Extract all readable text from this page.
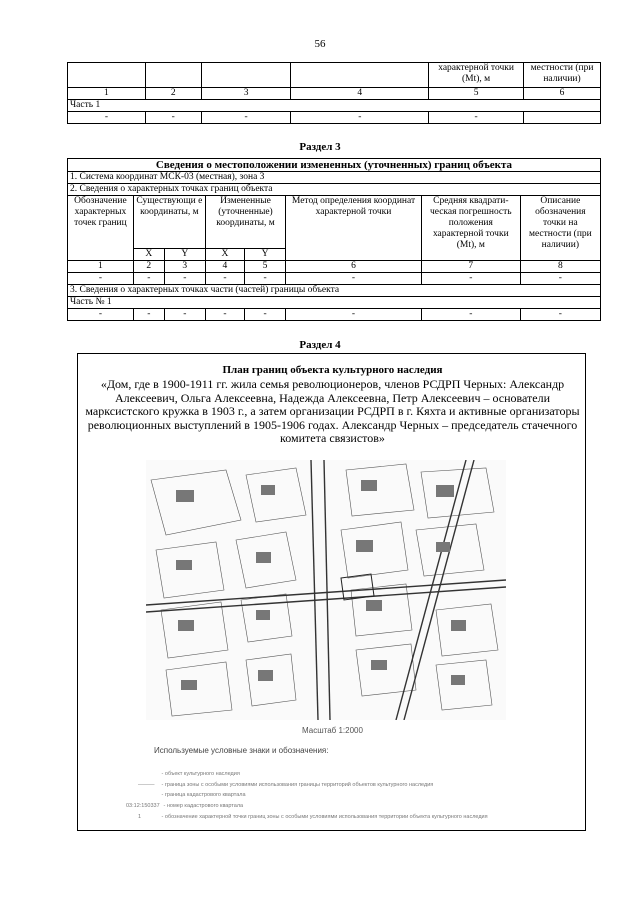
56
				характерной точки (Mt), м	местности (при наличии)
1	2	3	4	5	6
Часть 1					
-	-	-	-	-	
Раздел 3
Сведения о местоположении измененных (уточненных) границ объекта							
1. Система координат МСК-03 (местная), зона 3							
2. Сведения о характерных точках границ объекта							
Обозначение характерных точек границ	Существующи е координаты, м		Измененные (уточненные) координаты, м		Метод определения координат характерной точки	Средняя квадрати- ческая погрешность положения характерной точки (Mt), м	Описание обозначения точки на местности (при наличии)
	X	Y	X	Y			
1	2	3	4	5	6	7	8
-	-	-	-	-	-	-	-
3. Сведения о характерных точках части (частей) границы объекта							
Часть № 1							
-	-	-	-	-	-	-	-
Раздел 4
План границ объекта культурного наследия
«Дом, где в 1900-1911 гг. жила семья революционеров, членов РСДРП Черных: Александр Алексеевич, Ольга Алексеевна, Надежда Алексеевна, Петр Алексеевич – основатели марксистского кружка в 1903 г., а затем организации РСДРП в г. Кяхта и активные организаторы революционных выступлений в 1905-1906 годах. Александр Черных – председатель стачечного комитета связистов»
Масштаб 1:2000
Используемые условные знаки и обозначения:
- объект культурного наследия
——— - граница зоны с особыми условиями использования границы территорий объектов культурного наследия
- граница кадастрового квартала
03:12:150337 - номер кадастрового квартала
1	- обозначение характерной точки границ зоны с особыми условиями использования территории объекта культурного наследия
